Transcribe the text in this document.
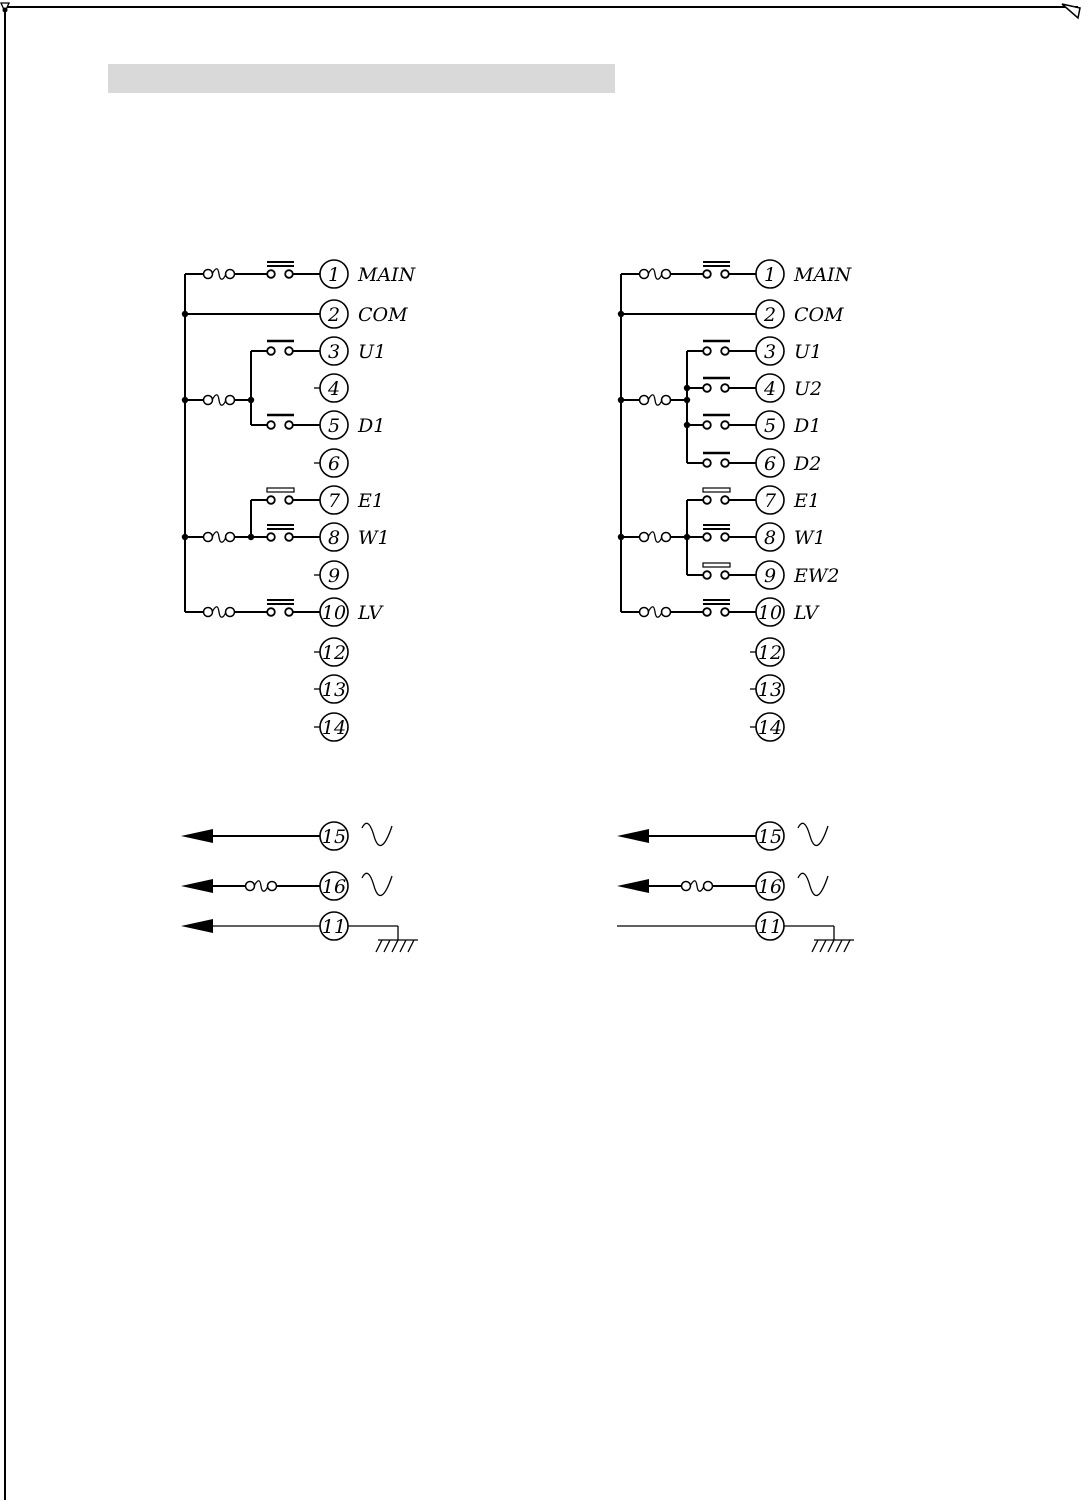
1 MAIN
2 COM
3 U1
4
5 D1
6
7 E1
8 W1
9
10 LV
12
13
14
15
16
11
1 MAIN
2 COM
3 U1
4 U2
5 D1
6 D2
7 E1
8 W1
9 EW2
10 LV
12
13
14
15
16
11
